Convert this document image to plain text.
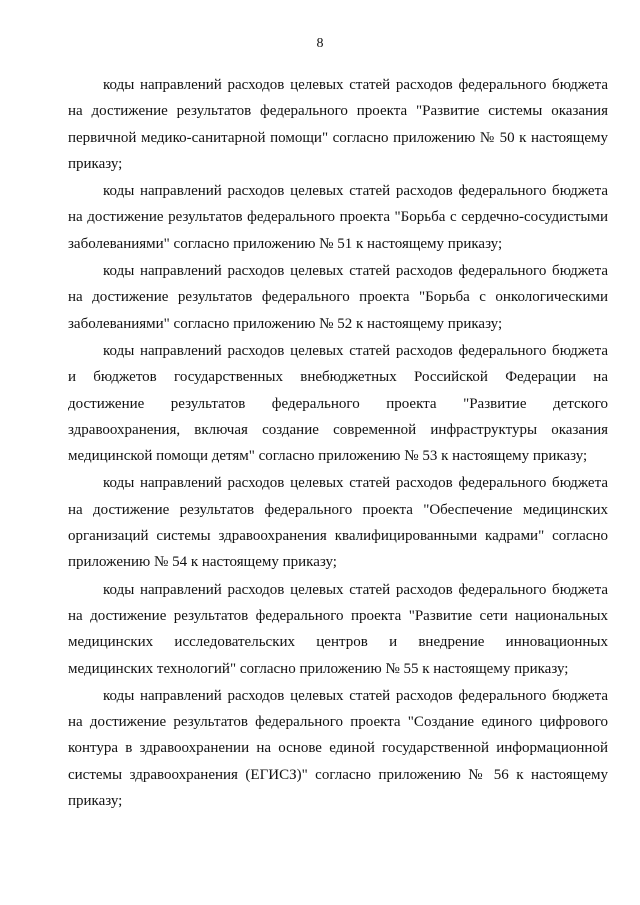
8
коды направлений расходов целевых статей расходов федерального бюджета
на достижение результатов федерального проекта "Развитие системы оказания
первичной медико-санитарной помощи" согласно приложению № 50 к настоящему
приказу;
коды направлений расходов целевых статей расходов федерального бюджета
на достижение результатов федерального проекта "Борьба с сердечно-сосудистыми
заболеваниями" согласно приложению № 51 к настоящему приказу;
коды направлений расходов целевых статей расходов федерального бюджета
на достижение результатов федерального проекта "Борьба с онкологическими
заболеваниями" согласно приложению № 52 к настоящему приказу;
коды направлений расходов целевых статей расходов федерального бюджета
и бюджетов государственных внебюджетных Российской Федерации на
достижение результатов федерального проекта "Развитие детского
здравоохранения, включая создание современной инфраструктуры оказания
медицинской помощи детям" согласно приложению № 53 к настоящему приказу;
коды направлений расходов целевых статей расходов федерального бюджета
на достижение результатов федерального проекта "Обеспечение медицинских
организаций системы здравоохранения квалифицированными кадрами" согласно
приложению № 54 к настоящему приказу;
коды направлений расходов целевых статей расходов федерального бюджета
на достижение результатов федерального проекта "Развитие сети национальных
медицинских исследовательских центров и внедрение инновационных
медицинских технологий" согласно приложению № 55 к настоящему приказу;
коды направлений расходов целевых статей расходов федерального бюджета
на достижение результатов федерального проекта "Создание единого цифрового
контура в здравоохранении на основе единой государственной информационной
системы здравоохранения (ЕГИСЗ)" согласно приложению № 56 к настоящему
приказу;
